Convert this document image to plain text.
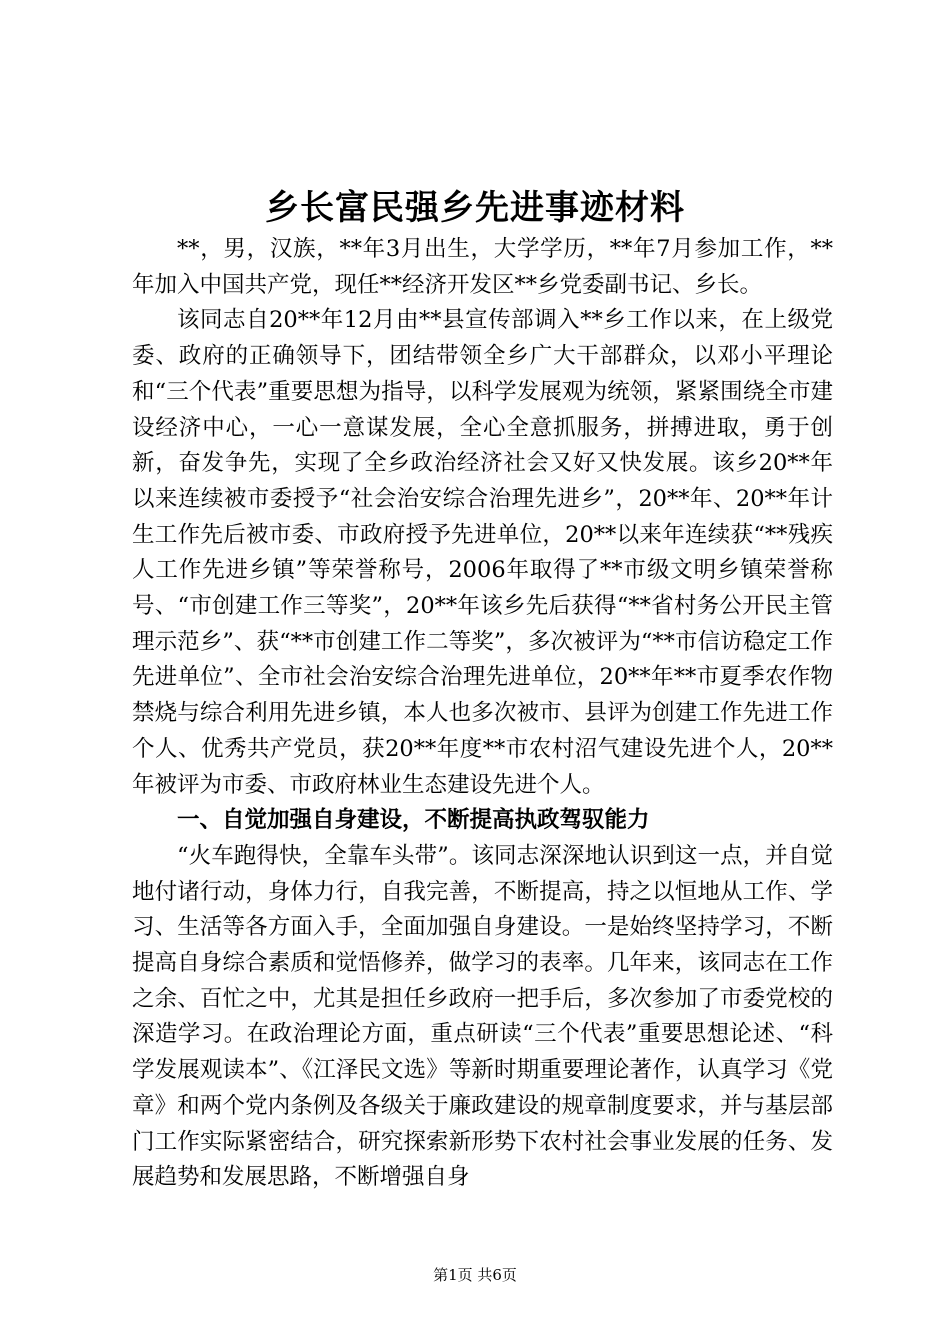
乡长富民强乡先进事迹材料

**，男，汉族，**年3月出生，大学学历，**年7月参加工作，**年加入中国共产党，现任**经济开发区**乡党委副书记、乡长。

该同志自20**年12月由**县宣传部调入**乡工作以来，在上级党委、政府的正确领导下，团结带领全乡广大干部群众，以邓小平理论和“三个代表”重要思想为指导，以科学发展观为统领，紧紧围绕全市建设经济中心，一心一意谋发展，全心全意抓服务，拼搏进取，勇于创新，奋发争先，实现了全乡政治经济社会又好又快发展。该乡20**年以来连续被市委授予“社会治安综合治理先进乡”，20**年、20**年计生工作先后被市委、市政府授予先进单位，20**以来年连续获“**残疾人工作先进乡镇”等荣誉称号，2006年取得了**市级文明乡镇荣誉称号、“市创建工作三等奖”，20**年该乡先后获得“**省村务公开民主管理示范乡”、获“**市创建工作二等奖”，多次被评为“**市信访稳定工作先进单位”、全市社会治安综合治理先进单位，20**年**市夏季农作物禁烧与综合利用先进乡镇，本人也多次被市、县评为创建工作先进工作个人、优秀共产党员，获20**年度**市农村沼气建设先进个人，20**年被评为市委、市政府林业生态建设先进个人。

一、自觉加强自身建设，不断提高执政驾驭能力

“火车跑得快，全靠车头带”。该同志深深地认识到这一点，并自觉地付诸行动，身体力行，自我完善，不断提高，持之以恒地从工作、学习、生活等各方面入手，全面加强自身建设。一是始终坚持学习，不断提高自身综合素质和觉悟修养，做学习的表率。几年来，该同志在工作之余、百忙之中，尤其是担任乡政府一把手后，多次参加了市委党校的深造学习。在政治理论方面，重点研读“三个代表”重要思想论述、“科学发展观读本”、《江泽民文选》等新时期重要理论著作，认真学习《党章》和两个党内条例及各级关于廉政建设的规章制度要求，并与基层部门工作实际紧密结合，研究探索新形势下农村社会事业发展的任务、发展趋势和发展思路，不断增强自身

第1页 共6页
